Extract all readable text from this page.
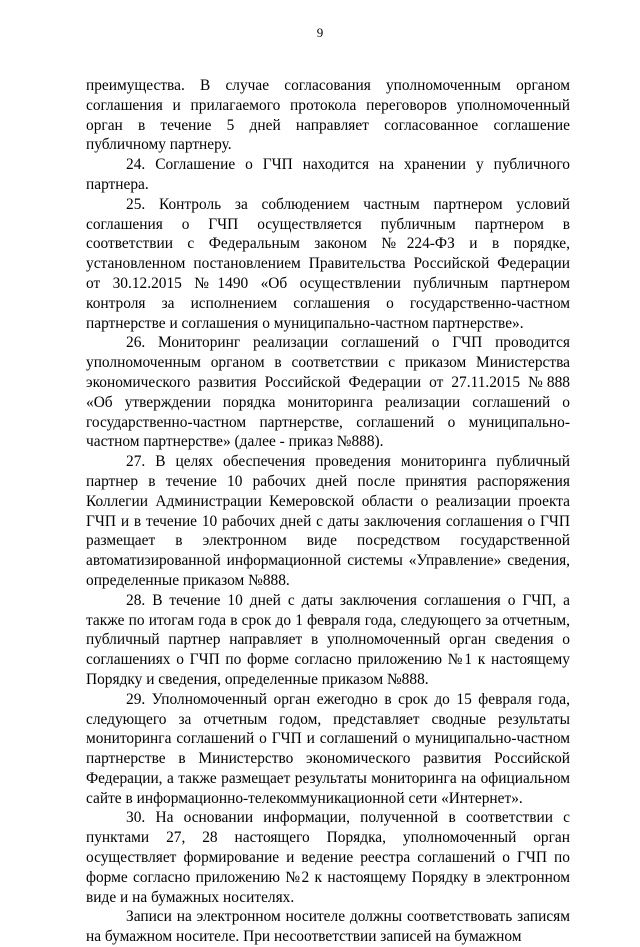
9

преимущества. В случае согласования уполномоченным органом соглашения и прилагаемого протокола переговоров уполномоченный орган в течение 5 дней направляет согласованное соглашение публичному партнеру.

24. Соглашение о ГЧП находится на хранении у публичного партнера.

25. Контроль за соблюдением частным партнером условий соглашения о ГЧП осуществляется публичным партнером в соответствии с Федеральным законом №224-ФЗ и в порядке, установленном постановлением Правительства Российской Федерации от 30.12.2015 №1490 «Об осуществлении публичным партнером контроля за исполнением соглашения о государственно-частном партнерстве и соглашения о муниципально-частном партнерстве».

26. Мониторинг реализации соглашений о ГЧП проводится уполномоченным органом в соответствии с приказом Министерства экономического развития Российской Федерации от 27.11.2015 №888 «Об утверждении порядка мониторинга реализации соглашений о государственно-частном партнерстве, соглашений о муниципально-частном партнерстве» (далее - приказ №888).

27. В целях обеспечения проведения мониторинга публичный партнер в течение 10 рабочих дней после принятия распоряжения Коллегии Администрации Кемеровской области о реализации проекта ГЧП и в течение 10 рабочих дней с даты заключения соглашения о ГЧП размещает в электронном виде посредством государственной автоматизированной информационной системы «Управление» сведения, определенные приказом №888.

28. В течение 10 дней с даты заключения соглашения о ГЧП, а также по итогам года в срок до 1 февраля года, следующего за отчетным, публичный партнер направляет в уполномоченный орган сведения о соглашениях о ГЧП по форме согласно приложению №1 к настоящему Порядку и сведения, определенные приказом №888.

29. Уполномоченный орган ежегодно в срок до 15 февраля года, следующего за отчетным годом, представляет сводные результаты мониторинга соглашений о ГЧП и соглашений о муниципально-частном партнерстве в Министерство экономического развития Российской Федерации, а также размещает результаты мониторинга на официальном сайте в информационно-телекоммуникационной сети «Интернет».

30. На основании информации, полученной в соответствии с пунктами 27, 28 настоящего Порядка, уполномоченный орган осуществляет формирование и ведение реестра соглашений о ГЧП по форме согласно приложению №2 к настоящему Порядку в электронном виде и на бумажных носителях.

Записи на электронном носителе должны соответствовать записям на бумажном носителе. При несоответствии записей на бумажном
